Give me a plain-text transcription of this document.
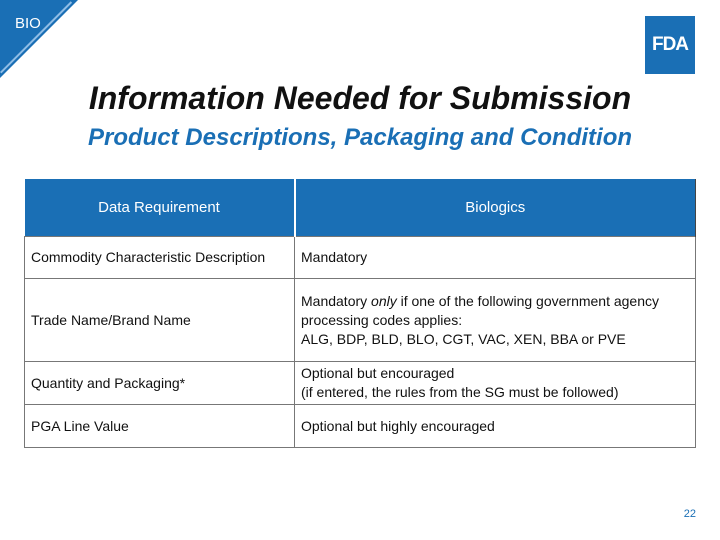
BIO
FDA
Information Needed for Submission
Product Descriptions, Packaging and Condition
Data Requirement	Biologics
Commodity Characteristic Description	Mandatory
Trade Name/Brand Name	Mandatory only if one of the following government agency processing codes applies:
ALG, BDP, BLD, BLO, CGT, VAC, XEN, BBA or PVE
Quantity and Packaging*	Optional but encouraged
(if entered, the rules from the SG must be followed)
PGA Line Value	Optional but highly encouraged
22
